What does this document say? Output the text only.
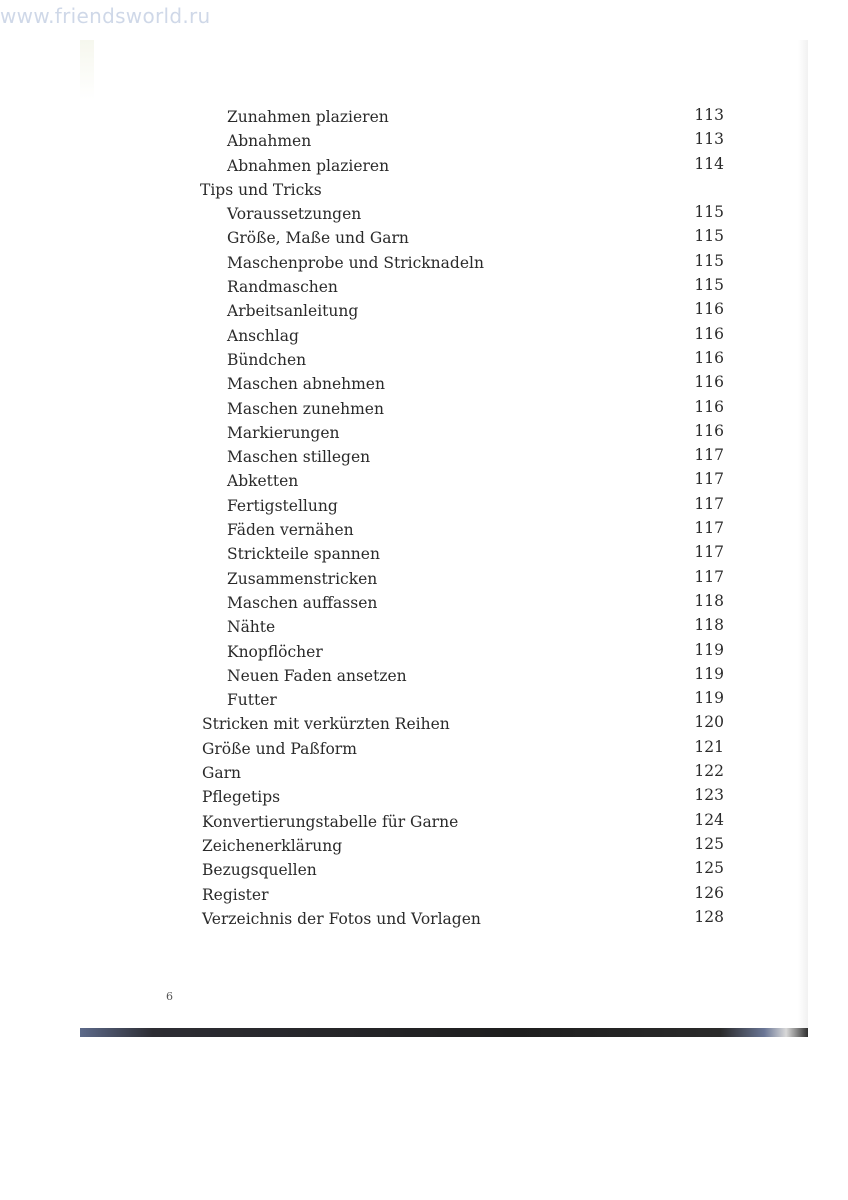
www.friendsworld.ru
Zunahmen plazieren	113
Abnahmen	113
Abnahmen plazieren	114
Tips und Tricks
Voraussetzungen	115
Größe, Maße und Garn	115
Maschenprobe und Stricknadeln	115
Randmaschen	115
Arbeitsanleitung	116
Anschlag	116
Bündchen	116
Maschen abnehmen	116
Maschen zunehmen	116
Markierungen	116
Maschen stillegen	117
Abketten	117
Fertigstellung	117
Fäden vernähen	117
Strickteile spannen	117
Zusammenstricken	117
Maschen auffassen	118
Nähte	118
Knopflöcher	119
Neuen Faden ansetzen	119
Futter	119
Stricken mit verkürzten Reihen	120
Größe und Paßform	121
Garn	122
Pflegetips	123
Konvertierungstabelle für Garne	124
Zeichenerklärung	125
Bezugsquellen	125
Register	126
Verzeichnis der Fotos und Vorlagen	128
6
